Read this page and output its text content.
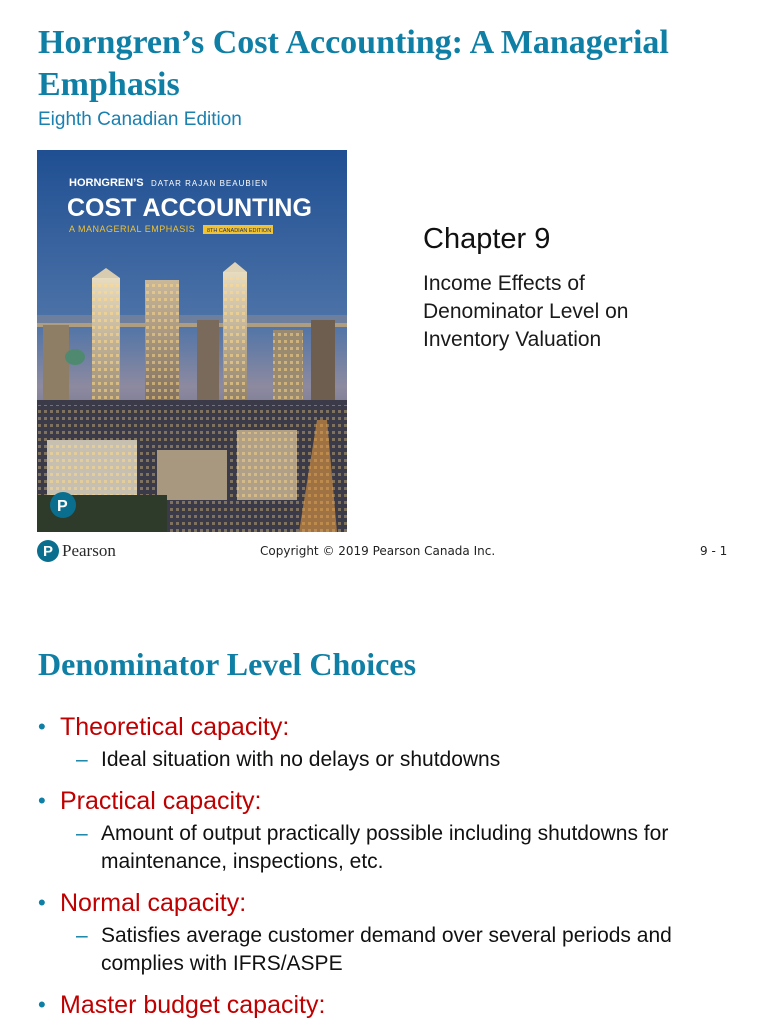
Horngren’s Cost Accounting: A Managerial Emphasis

Eighth Canadian Edition

HORNGREN’S DATAR RAJAN BEAUBIEN
COST ACCOUNTING
A MANAGERIAL EMPHASIS 8TH CANADIAN EDITION
P

Chapter 9

Income Effects of Denominator Level on Inventory Valuation
P Pearson	Copyright © 2019 Pearson Canada Inc.	9 - 1
Denominator Level Choices
• Theoretical capacity:
– Ideal situation with no delays or shutdowns
• Practical capacity:
– Amount of output practically possible including shutdowns for maintenance, inspections, etc.
• Normal capacity:
– Satisfies average customer demand over several periods and complies with IFRS/ASPE
• Master budget capacity:
